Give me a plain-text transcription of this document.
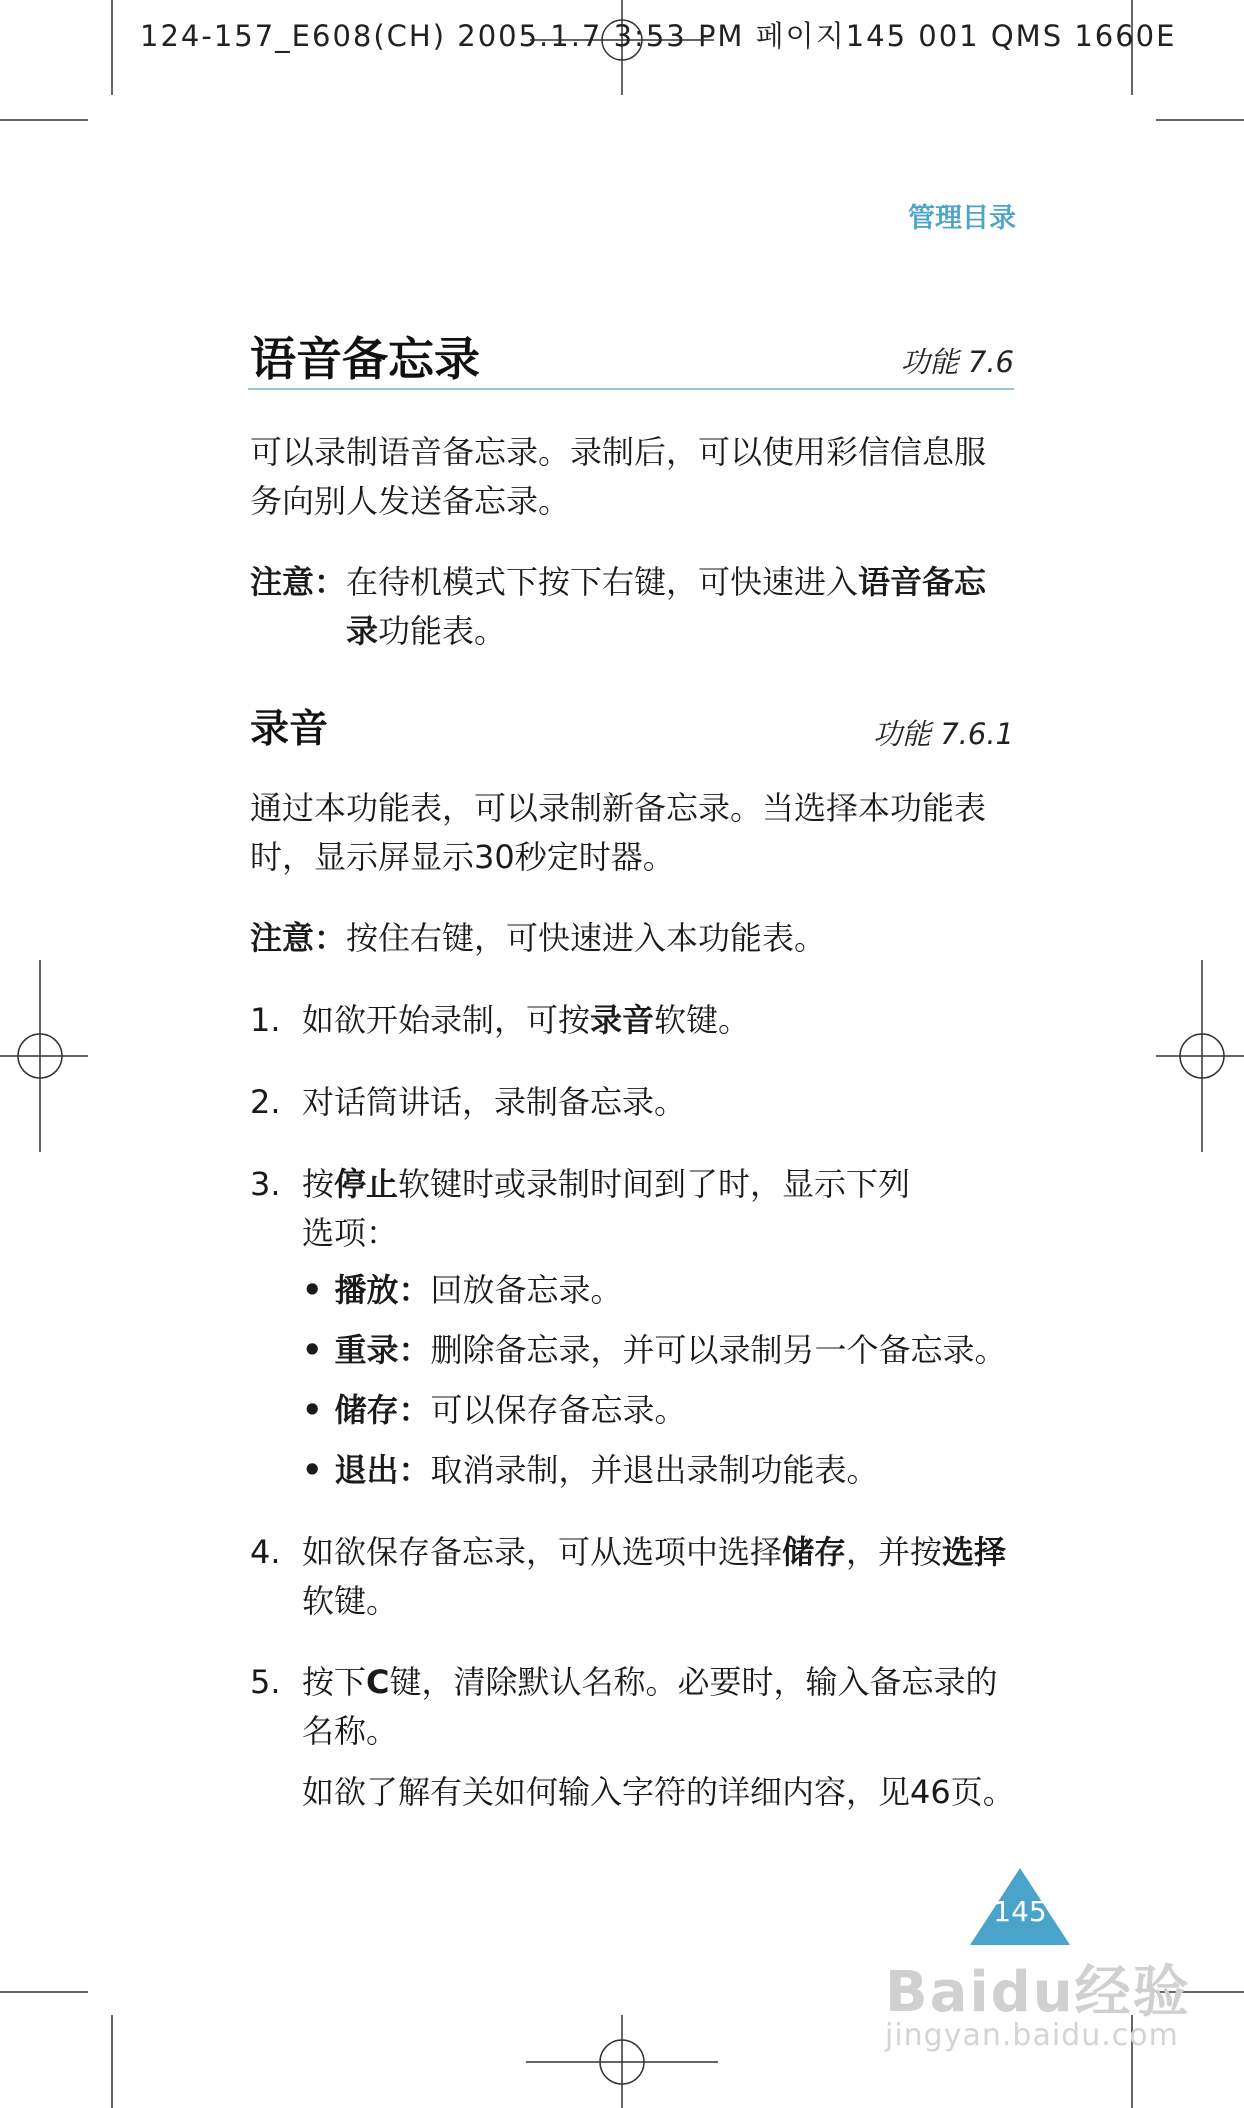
124-157_E608(CH) 2005.1.7 3:53 PM 페이지145 001 QMS 1660E
管理目录
语音备忘录	功能 7.6
可以录制语音备忘录。录制后，可以使用彩信信息服
务向别人发送备忘录。
注意： 在待机模式下按下右键，可快速进入语音备忘
录功能表。
录音	功能 7.6.1
通过本功能表，可以录制新备忘录。当选择本功能表
时，显示屏显示30秒定时器。
注意：按住右键，可快速进入本功能表。
1. 如欲开始录制，可按录音软键。
2. 对话筒讲话，录制备忘录。
3. 按停止软键时或录制时间到了时，显示下列
选项：
• 播放：回放备忘录。
• 重录：删除备忘录，并可以录制另一个备忘录。
• 储存：可以保存备忘录。
• 退出：取消录制，并退出录制功能表。
4. 如欲保存备忘录，可从选项中选择储存，并按选择
软键。
5. 按下C键，清除默认名称。必要时，输入备忘录的
名称。
如欲了解有关如何输入字符的详细内容，见46页。
145
Baidu经验
jingyan.baidu.com
